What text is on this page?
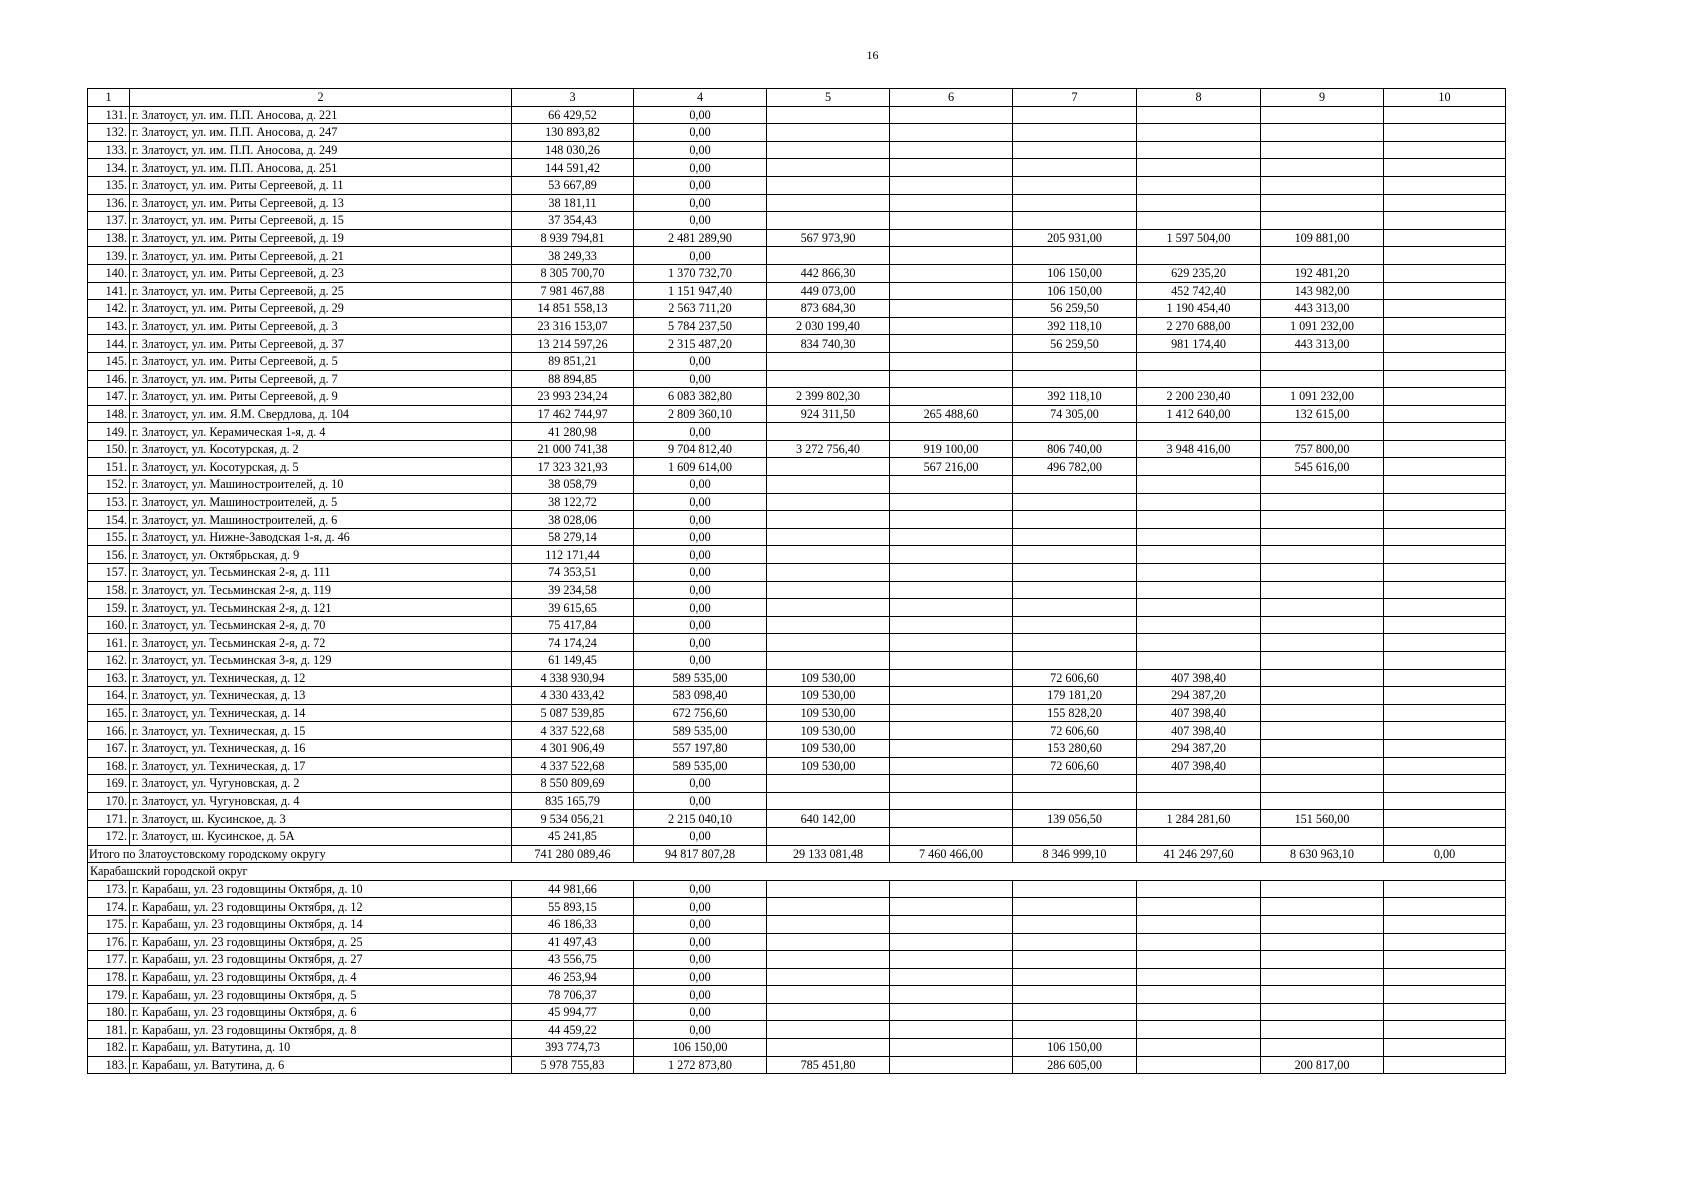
16
1	2	3	4	5	6	7	8	9	10
131.	г. Златоуст, ул. им. П.П. Аносова, д. 221	66 429,52	0,00						
132.	г. Златоуст, ул. им. П.П. Аносова, д. 247	130 893,82	0,00						
133.	г. Златоуст, ул. им. П.П. Аносова, д. 249	148 030,26	0,00						
134.	г. Златоуст, ул. им. П.П. Аносова, д. 251	144 591,42	0,00						
135.	г. Златоуст, ул. им. Риты Сергеевой, д. 11	53 667,89	0,00						
136.	г. Златоуст, ул. им. Риты Сергеевой, д. 13	38 181,11	0,00						
137.	г. Златоуст, ул. им. Риты Сергеевой, д. 15	37 354,43	0,00						
138.	г. Златоуст, ул. им. Риты Сергеевой, д. 19	8 939 794,81	2 481 289,90	567 973,90		205 931,00	1 597 504,00	109 881,00	
139.	г. Златоуст, ул. им. Риты Сергеевой, д. 21	38 249,33	0,00						
140.	г. Златоуст, ул. им. Риты Сергеевой, д. 23	8 305 700,70	1 370 732,70	442 866,30		106 150,00	629 235,20	192 481,20	
141.	г. Златоуст, ул. им. Риты Сергеевой, д. 25	7 981 467,88	1 151 947,40	449 073,00		106 150,00	452 742,40	143 982,00	
142.	г. Златоуст, ул. им. Риты Сергеевой, д. 29	14 851 558,13	2 563 711,20	873 684,30		56 259,50	1 190 454,40	443 313,00	
143.	г. Златоуст, ул. им. Риты Сергеевой, д. 3	23 316 153,07	5 784 237,50	2 030 199,40		392 118,10	2 270 688,00	1 091 232,00	
144.	г. Златоуст, ул. им. Риты Сергеевой, д. 37	13 214 597,26	2 315 487,20	834 740,30		56 259,50	981 174,40	443 313,00	
145.	г. Златоуст, ул. им. Риты Сергеевой, д. 5	89 851,21	0,00						
146.	г. Златоуст, ул. им. Риты Сергеевой, д. 7	88 894,85	0,00						
147.	г. Златоуст, ул. им. Риты Сергеевой, д. 9	23 993 234,24	6 083 382,80	2 399 802,30		392 118,10	2 200 230,40	1 091 232,00	
148.	г. Златоуст, ул. им. Я.М. Свердлова, д. 104	17 462 744,97	2 809 360,10	924 311,50	265 488,60	74 305,00	1 412 640,00	132 615,00	
149.	г. Златоуст, ул. Керамическая 1-я, д. 4	41 280,98	0,00						
150.	г. Златоуст, ул. Косотурская, д. 2	21 000 741,38	9 704 812,40	3 272 756,40	919 100,00	806 740,00	3 948 416,00	757 800,00	
151.	г. Златоуст, ул. Косотурская, д. 5	17 323 321,93	1 609 614,00		567 216,00	496 782,00		545 616,00	
152.	г. Златоуст, ул. Машиностроителей, д. 10	38 058,79	0,00						
153.	г. Златоуст, ул. Машиностроителей, д. 5	38 122,72	0,00						
154.	г. Златоуст, ул. Машиностроителей, д. 6	38 028,06	0,00						
155.	г. Златоуст, ул. Нижне-Заводская 1-я, д. 46	58 279,14	0,00						
156.	г. Златоуст, ул. Октябрьская, д. 9	112 171,44	0,00						
157.	г. Златоуст, ул. Тесьминская 2-я, д. 111	74 353,51	0,00						
158.	г. Златоуст, ул. Тесьминская 2-я, д. 119	39 234,58	0,00						
159.	г. Златоуст, ул. Тесьминская 2-я, д. 121	39 615,65	0,00						
160.	г. Златоуст, ул. Тесьминская 2-я, д. 70	75 417,84	0,00						
161.	г. Златоуст, ул. Тесьминская 2-я, д. 72	74 174,24	0,00						
162.	г. Златоуст, ул. Тесьминская 3-я, д. 129	61 149,45	0,00						
163.	г. Златоуст, ул. Техническая, д. 12	4 338 930,94	589 535,00	109 530,00		72 606,60	407 398,40		
164.	г. Златоуст, ул. Техническая, д. 13	4 330 433,42	583 098,40	109 530,00		179 181,20	294 387,20		
165.	г. Златоуст, ул. Техническая, д. 14	5 087 539,85	672 756,60	109 530,00		155 828,20	407 398,40		
166.	г. Златоуст, ул. Техническая, д. 15	4 337 522,68	589 535,00	109 530,00		72 606,60	407 398,40		
167.	г. Златоуст, ул. Техническая, д. 16	4 301 906,49	557 197,80	109 530,00		153 280,60	294 387,20		
168.	г. Златоуст, ул. Техническая, д. 17	4 337 522,68	589 535,00	109 530,00		72 606,60	407 398,40		
169.	г. Златоуст, ул. Чугуновская, д. 2	8 550 809,69	0,00						
170.	г. Златоуст, ул. Чугуновская, д. 4	835 165,79	0,00						
171.	г. Златоуст, ш. Кусинское, д. 3	9 534 056,21	2 215 040,10	640 142,00		139 056,50	1 284 281,60	151 560,00	
172.	г. Златоуст, ш. Кусинское, д. 5А	45 241,85	0,00						
Итого по Златоустовскому городскому округу		741 280 089,46	94 817 807,28	29 133 081,48	7 460 466,00	8 346 999,10	41 246 297,60	8 630 963,10	0,00
Карабашский городской округ									
173.	г. Карабаш, ул. 23 годовщины Октября, д. 10	44 981,66	0,00						
174.	г. Карабаш, ул. 23 годовщины Октября, д. 12	55 893,15	0,00						
175.	г. Карабаш, ул. 23 годовщины Октября, д. 14	46 186,33	0,00						
176.	г. Карабаш, ул. 23 годовщины Октября, д. 25	41 497,43	0,00						
177.	г. Карабаш, ул. 23 годовщины Октября, д. 27	43 556,75	0,00						
178.	г. Карабаш, ул. 23 годовщины Октября, д. 4	46 253,94	0,00						
179.	г. Карабаш, ул. 23 годовщины Октября, д. 5	78 706,37	0,00						
180.	г. Карабаш, ул. 23 годовщины Октября, д. 6	45 994,77	0,00						
181.	г. Карабаш, ул. 23 годовщины Октября, д. 8	44 459,22	0,00						
182.	г. Карабаш, ул. Ватутина, д. 10	393 774,73	106 150,00			106 150,00			
183.	г. Карабаш, ул. Ватутина, д. 6	5 978 755,83	1 272 873,80	785 451,80		286 605,00		200 817,00	
